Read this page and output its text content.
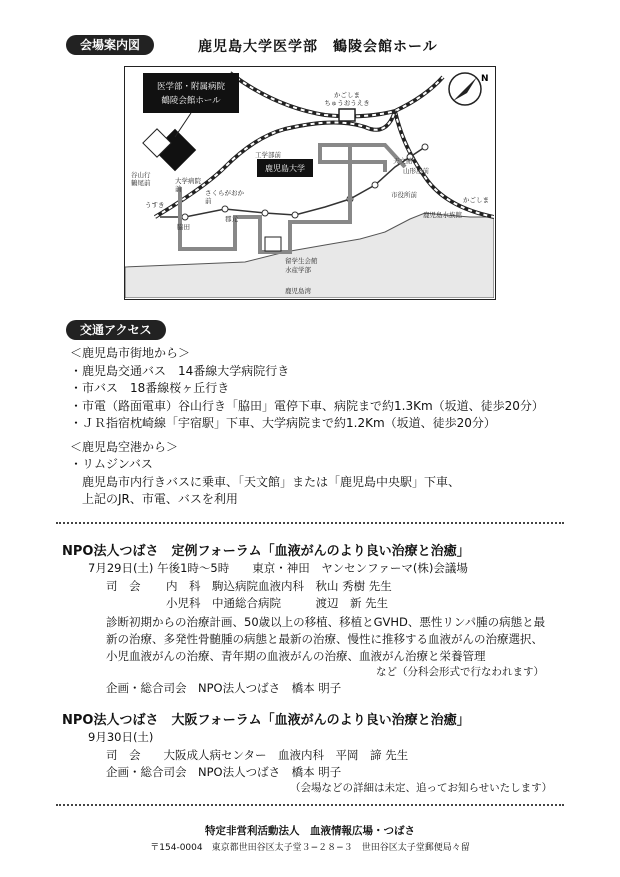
会場案内図	鹿児島大学医学部　鶴陵会館ホール
医学部・附属病院
鶴陵会館ホール
鹿児島大学
N
かごしま
ちゅうおうえき
工学部前
天文館
山形屋前
市役所前
かごしま
鹿児島水族館
谷山行
鶴尾前	大学病院
前	さくらがおか
前
うすき
脇田
郡元
留学生会館
水産学部
鹿児島湾
交通アクセス
＜鹿児島市街地から＞
・鹿児島交通バス　14番線大学病院行き
・市バス　18番線桜ヶ丘行き
・市電（路面電車）谷山行き「脇田」電停下車、病院まで約1.3Km（坂道、徒歩20分）
・ＪＲ指宿枕崎線「宇宿駅」下車、大学病院まで約1.2Km（坂道、徒歩20分）
＜鹿児島空港から＞
・リムジンバス
　鹿児島市内行きバスに乗車、「天文館」または「鹿児島中央駅」下車、
　上記のJR、市電、バスを利用
NPO法人つばさ　定例フォーラム「血液がんのより良い治療と治癒」
7月29日(土) 午後1時〜5時　　東京・神田　ヤンセンファーマ(株)会議場
司　会 内　科　駒込病院血液内科　秋山 秀樹 先生
小児科　中通総合病院　　　渡辺　新 先生
診断初期からの治療計画、50歳以上の移植、移植とGVHD、悪性リンパ腫の病態と最
新の治療、多発性骨髄腫の病態と最新の治療、慢性に推移する血液がんの治療選択、
小児血液がんの治療、青年期の血液がんの治療、血液がん治療と栄養管理
など（分科会形式で行なわれます）
企画・総合司会　NPO法人つばさ　橋本 明子
NPO法人つばさ　大阪フォーラム「血液がんのより良い治療と治癒」
9月30日(土)
司　会　　大阪成人病センター　血液内科　平岡　諦 先生
企画・総合司会　NPO法人つばさ　橋本 明子
（会場などの詳細は未定、追ってお知らせいたします）
特定非営利活動法人　血液情報広場・つばさ
〒154-0004　東京都世田谷区太子堂３−２８−３　世田谷区太子堂郵便局々留
